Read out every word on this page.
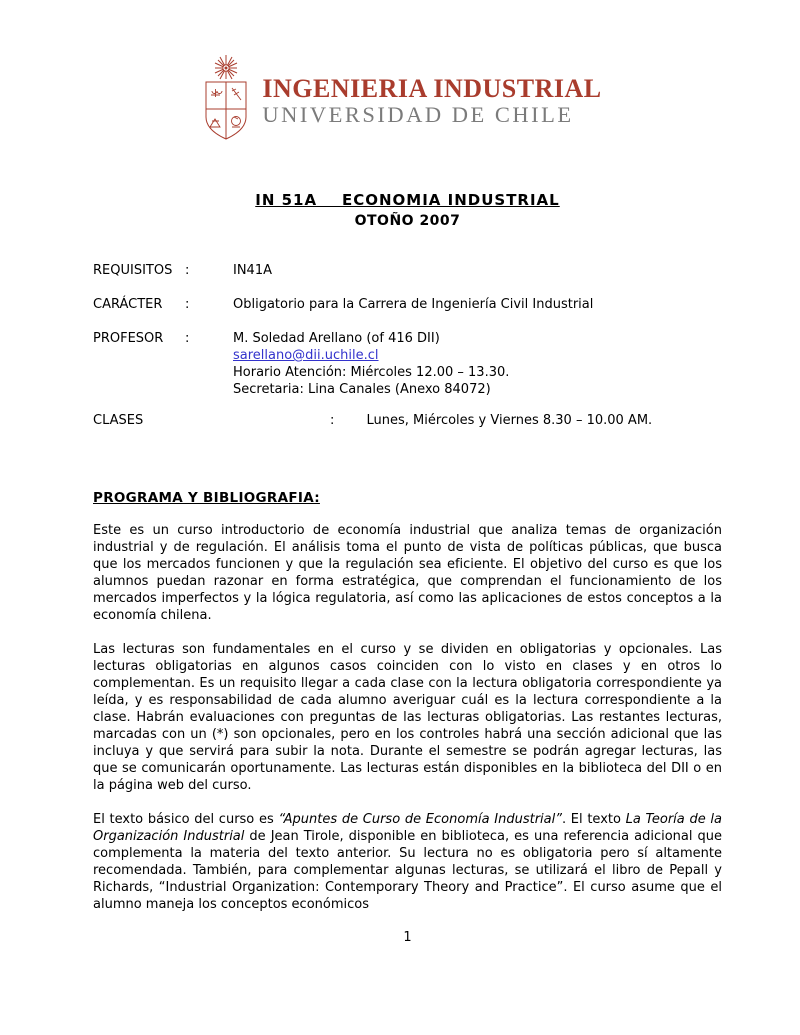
INGENIERIA INDUSTRIAL
UNIVERSIDAD DE CHILE
IN 51A    ECONOMIA INDUSTRIAL
OTOÑO 2007
REQUISITOS :	IN41A
CARÁCTER	:	Obligatorio para la Carrera de Ingeniería Civil Industrial
PROFESOR	:	M. Soledad Arellano (of 416 DII)
sarellano@dii.uchile.cl
Horario Atención: Miércoles 12.00 – 13.30.
Secretaria: Lina Canales (Anexo 84072)
CLASES	: Lunes, Miércoles y Viernes 8.30 – 10.00 AM.
PROGRAMA Y BIBLIOGRAFIA:

Este es un curso introductorio de economía industrial que analiza temas de organización industrial y de regulación. El análisis toma el punto de vista de políticas públicas, que busca que los mercados funcionen y que la regulación sea eficiente. El objetivo del curso es que los alumnos puedan razonar en forma estratégica, que comprendan el funcionamiento de los mercados imperfectos y la lógica regulatoria, así como las aplicaciones de estos conceptos a la economía chilena.

Las lecturas son fundamentales en el curso y se dividen en obligatorias y opcionales. Las lecturas obligatorias en algunos casos coinciden con lo visto en clases y en otros lo complementan. Es un requisito llegar a cada clase con la lectura obligatoria correspondiente ya leída, y es responsabilidad de cada alumno averiguar cuál es la lectura correspondiente a la clase. Habrán evaluaciones con preguntas de las lecturas obligatorias. Las restantes lecturas, marcadas con un (*) son opcionales, pero en los controles habrá una sección adicional que las incluya y que servirá para subir la nota. Durante el semestre se podrán agregar lecturas, las que se comunicarán oportunamente. Las lecturas están disponibles en la biblioteca del DII o en la página web del curso.

El texto básico del curso es “Apuntes de Curso de Economía Industrial”. El texto La Teoría de la Organización Industrial de Jean Tirole, disponible en biblioteca, es una referencia adicional que complementa la materia del texto anterior. Su lectura no es obligatoria pero sí altamente recomendada. También, para complementar algunas lecturas, se utilizará el libro de Pepall y Richards, “Industrial Organization: Contemporary Theory and Practice”. El curso asume que el alumno maneja los conceptos económicos

1
